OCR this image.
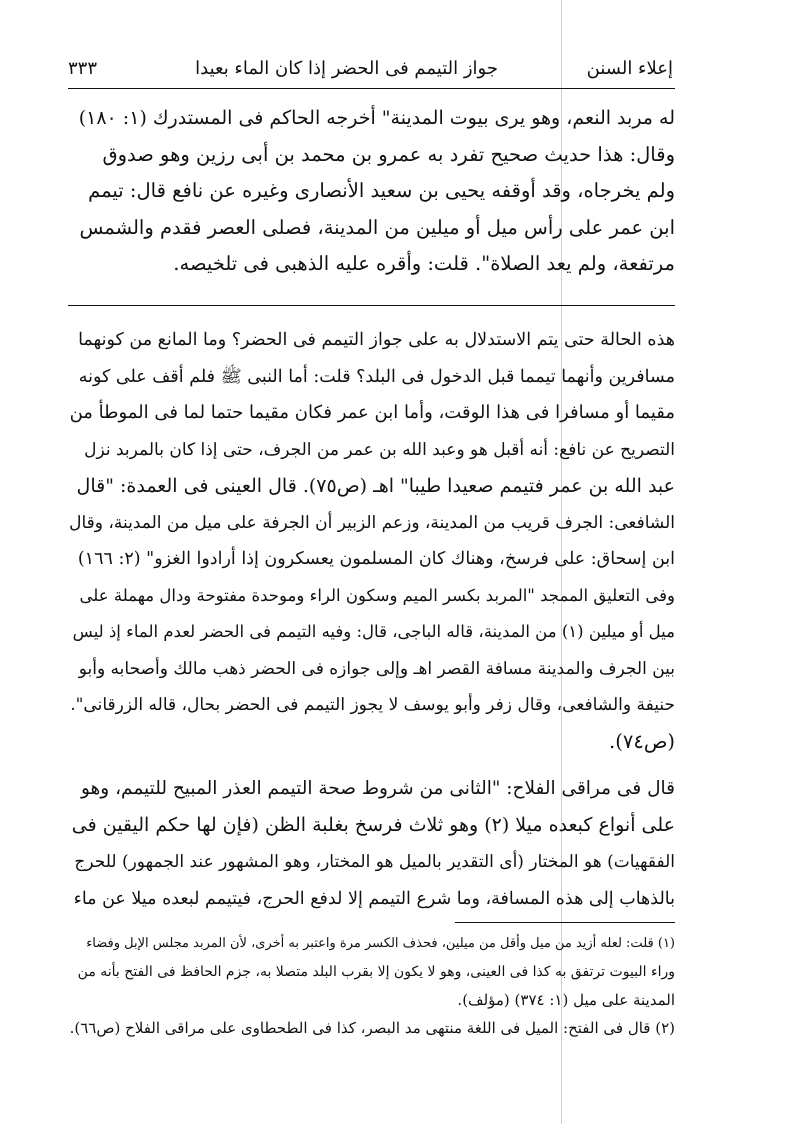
إعلاء السنن
جواز التيمم فى الحضر إذا كان الماء بعيدا
٣٣٣
له مربد النعم، وهو يرى بيوت المدينة" أخرجه الحاكم فى المستدرك (١: ١٨٠)
وقال: هذا حديث صحيح تفرد به عمرو بن محمد بن أبى رزين وهو صدوق
ولم يخرجاه، وقد أوقفه يحيى بن سعيد الأنصارى وغيره عن نافع قال: تيمم
ابن عمر على رأس ميل أو ميلين من المدينة، فصلى العصر فقدم والشمس
مرتفعة، ولم يعد الصلاة". قلت: وأقره عليه الذهبى فى تلخيصه.
هذه الحالة حتى يتم الاستدلال به على جواز التيمم فى الحضر؟ وما المانع من كونهما
مسافرين وأنهما تيمما قبل الدخول فى البلد؟ قلت: أما النبى ﷺ فلم أقف على كونه
مقيما أو مسافرا فى هذا الوقت، وأما ابن عمر فكان مقيما حتما لما فى الموطأ من
التصريح عن نافع: أنه أقبل هو وعبد الله بن عمر من الجرف، حتى إذا كان بالمربد نزل
عبد الله بن عمر فتيمم صعيدا طيبا" اهـ (ص٧٥). قال العينى فى العمدة: "قال
الشافعى: الجرف قريب من المدينة، وزعم الزبير أن الجرفة على ميل من المدينة، وقال
ابن إسحاق: على فرسخ، وهناك كان المسلمون يعسكرون إذا أرادوا الغزو" (٢: ١٦٦)
وفى التعليق الممجد "المربد بكسر الميم وسكون الراء وموحدة مفتوحة ودال مهملة على
ميل أو ميلين (١) من المدينة، قاله الباجى، قال: وفيه التيمم فى الحضر لعدم الماء إذ ليس
بين الجرف والمدينة مسافة القصر اهـ وإلى جوازه فى الحضر ذهب مالك وأصحابه وأبو
حنيفة والشافعى، وقال زفر وأبو يوسف لا يجوز التيمم فى الحضر بحال، قاله الزرقانى".
(ص٧٤).
قال فى مراقى الفلاح: "الثانى من شروط صحة التيمم العذر المبيح للتيمم، وهو
على أنواع كبعده ميلا (٢) وهو ثلاث فرسخ بغلبة الظن (فإن لها حكم اليقين فى
الفقهيات) هو المختار (أى التقدير بالميل هو المختار، وهو المشهور عند الجمهور) للحرج
بالذهاب إلى هذه المسافة، وما شرع التيمم إلا لدفع الحرج، فيتيمم لبعده ميلا عن ماء
(١) قلت: لعله أزيد من ميل وأقل من ميلين، فحذف الكسر مرة واعتبر به أخرى، لأن المربد مجلس الإبل وفضاء
وراء البيوت ترتفق به كذا فى العينى، وهو لا يكون إلا بقرب البلد متصلا به، جزم الحافظ فى الفتح بأنه من
المدينة على ميل (١: ٣٧٤) (مؤلف).
(٢) قال فى الفتح: الميل فى اللغة منتهى مد البصر، كذا فى الطحطاوى على مراقى الفلاح (ص٦٦).
